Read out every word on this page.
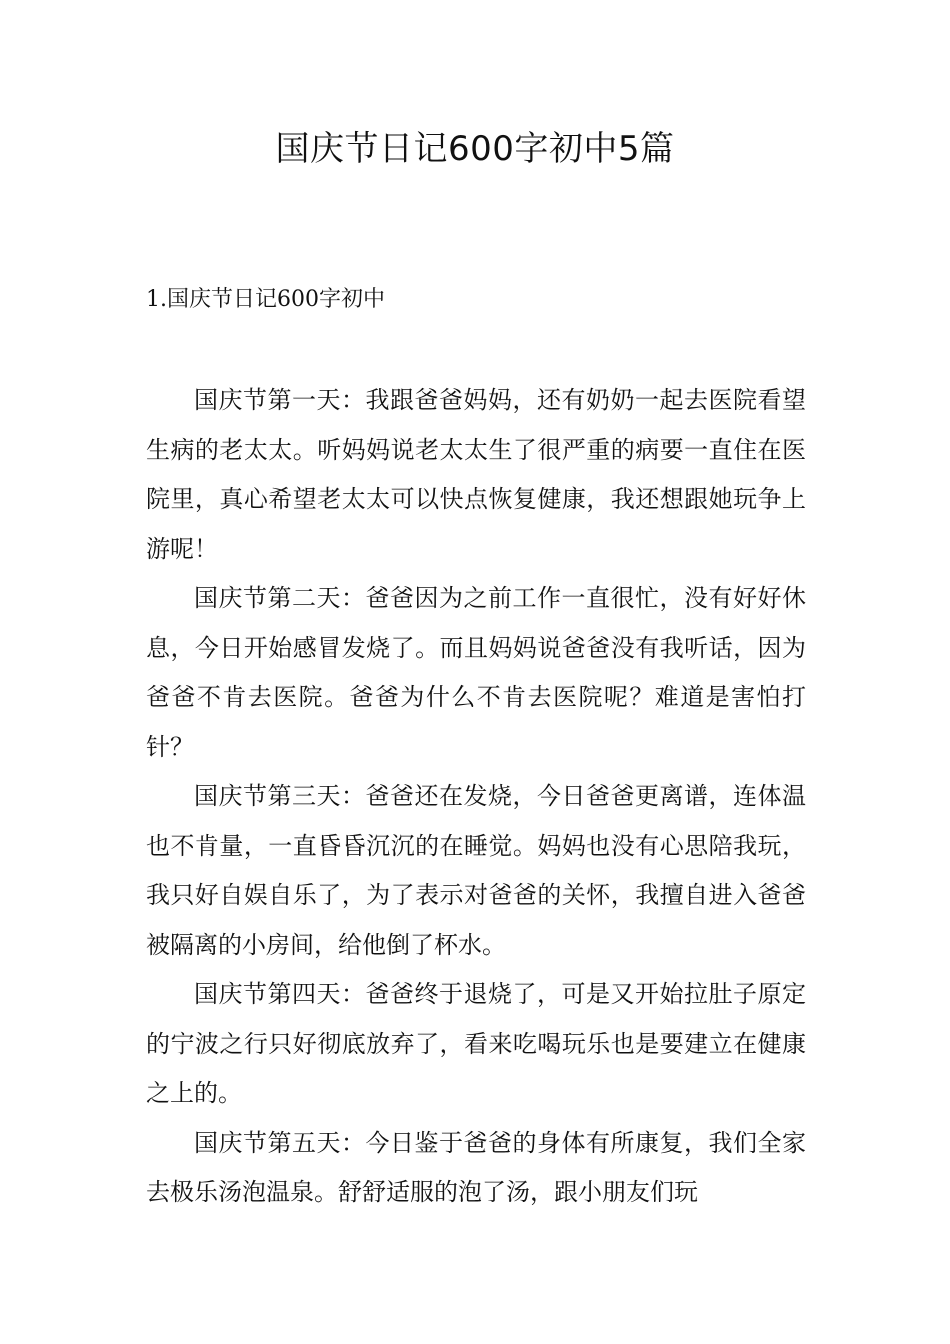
国庆节日记600字初中5篇
1.国庆节日记600字初中

国庆节第一天：我跟爸爸妈妈，还有奶奶一起去医院看望生病的老太太。听妈妈说老太太生了很严重的病要一直住在医院里，真心希望老太太可以快点恢复健康，我还想跟她玩争上游呢！

国庆节第二天：爸爸因为之前工作一直很忙，没有好好休息，今日开始感冒发烧了。而且妈妈说爸爸没有我听话，因为爸爸不肯去医院。爸爸为什么不肯去医院呢？难道是害怕打针？

国庆节第三天：爸爸还在发烧，今日爸爸更离谱，连体温也不肯量，一直昏昏沉沉的在睡觉。妈妈也没有心思陪我玩，我只好自娱自乐了，为了表示对爸爸的关怀，我擅自进入爸爸被隔离的小房间，给他倒了杯水。

国庆节第四天：爸爸终于退烧了，可是又开始拉肚子原定的宁波之行只好彻底放弃了，看来吃喝玩乐也是要建立在健康之上的。

国庆节第五天：今日鉴于爸爸的身体有所康复，我们全家去极乐汤泡温泉。舒舒适服的泡了汤，跟小朋友们玩
